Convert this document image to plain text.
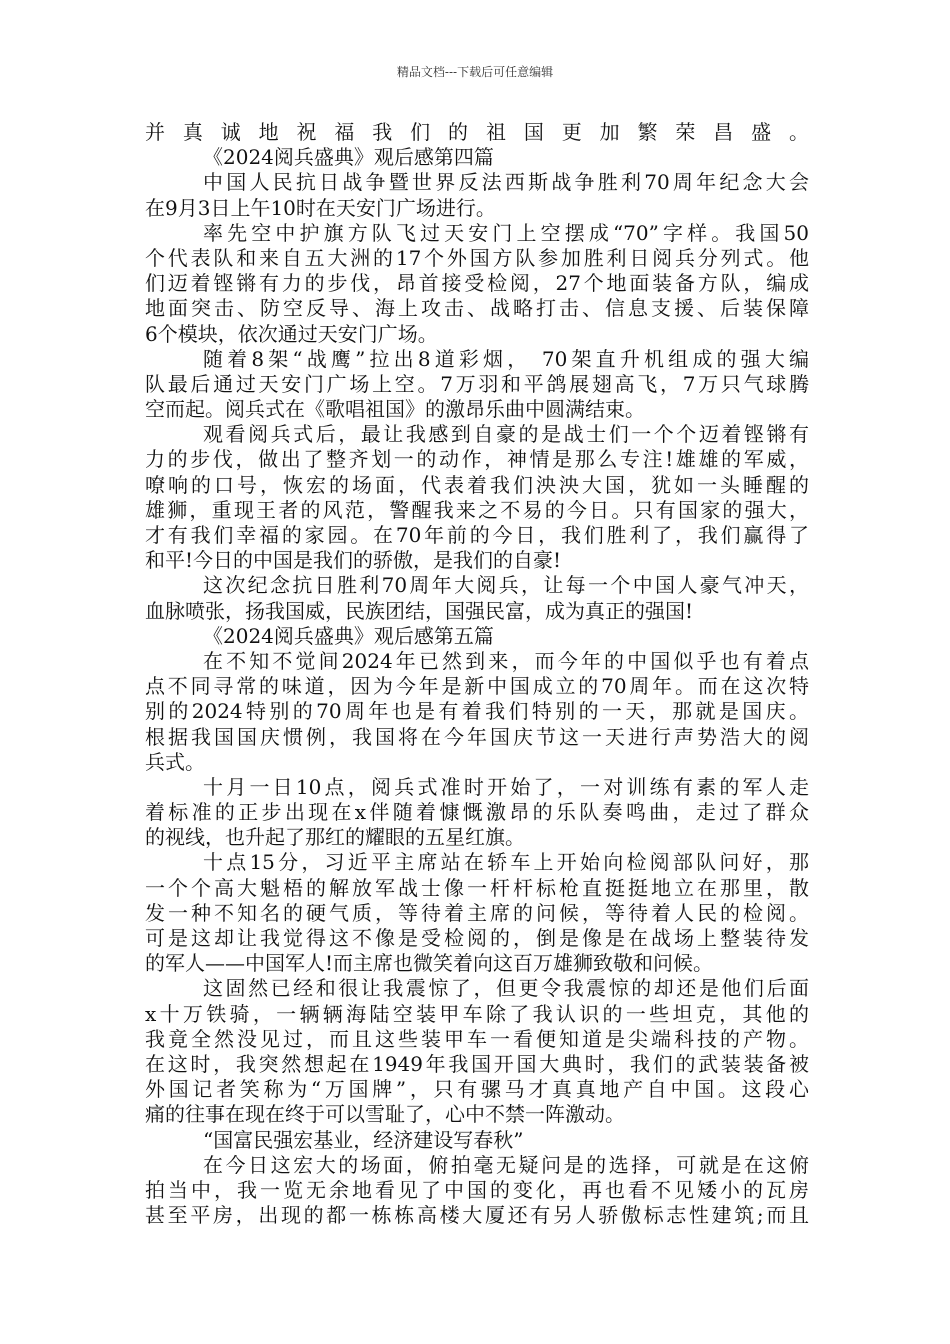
精品文档---下载后可任意编辑
并真诚地祝福我们的祖国更加繁荣昌盛。
《2024阅兵盛典》观后感第四篇
中国人民抗日战争暨世界反法西斯战争胜利70周年纪念大会
在9月3日上午10时在天安门广场进行。
率先空中护旗方队飞过天安门上空摆成“70”字样。我国50
个代表队和来自五大洲的17个外国方队参加胜利日阅兵分列式。他
们迈着铿锵有力的步伐，昂首接受检阅，27个地面装备方队，编成
地面突击、防空反导、海上攻击、战略打击、信息支援、后装保障
6个模块，依次通过天安门广场。
随着8架“战鹰”拉出8道彩烟， 70架直升机组成的强大编
队最后通过天安门广场上空。7万羽和平鸽展翅高飞，7万只气球腾
空而起。阅兵式在《歌唱祖国》的激昂乐曲中圆满结束。
观看阅兵式后，最让我感到自豪的是战士们一个个迈着铿锵有
力的步伐，做出了整齐划一的动作，神情是那么专注!雄雄的军威，
嘹响的口号，恢宏的场面，代表着我们泱泱大国，犹如一头睡醒的
雄狮，重现王者的风范，警醒我来之不易的今日。只有国家的强大，
才有我们幸福的家园。在70年前的今日，我们胜利了，我们赢得了
和平!今日的中国是我们的骄傲，是我们的自豪!
这次纪念抗日胜利70周年大阅兵，让每一个中国人豪气冲天，
血脉喷张，扬我国威，民族团结，国强民富，成为真正的强国!
《2024阅兵盛典》观后感第五篇
在不知不觉间2024年已然到来，而今年的中国似乎也有着点
点不同寻常的味道，因为今年是新中国成立的70周年。而在这次特
别的2024特别的70周年也是有着我们特别的一天，那就是国庆。
根据我国国庆惯例，我国将在今年国庆节这一天进行声势浩大的阅
兵式。
十月一日10点，阅兵式准时开始了，一对训练有素的军人走
着标准的正步出现在x伴随着慷慨激昂的乐队奏鸣曲，走过了群众
的视线，也升起了那红的耀眼的五星红旗。
十点15分，习近平主席站在轿车上开始向检阅部队问好，那
一个个高大魁梧的解放军战士像一杆杆标枪直挺挺地立在那里，散
发一种不知名的硬气质，等待着主席的问候，等待着人民的检阅。
可是这却让我觉得这不像是受检阅的，倒是像是在战场上整装待发
的军人——中国军人!而主席也微笑着向这百万雄狮致敬和问候。
这固然已经和很让我震惊了，但更令我震惊的却还是他们后面
x十万铁骑，一辆辆海陆空装甲车除了我认识的一些坦克，其他的
我竟全然没见过，而且这些装甲车一看便知道是尖端科技的产物。
在这时，我突然想起在1949年我国开国大典时，我们的武装装备被
外国记者笑称为“万国牌”，只有骡马才真真地产自中国。这段心
痛的往事在现在终于可以雪耻了，心中不禁一阵激动。
“国富民强宏基业，经济建设写春秋”
在今日这宏大的场面，俯拍毫无疑问是的选择，可就是在这俯
拍当中，我一览无余地看见了中国的变化，再也看不见矮小的瓦房
甚至平房，出现的都一栋栋高楼大厦还有另人骄傲标志性建筑;而且
